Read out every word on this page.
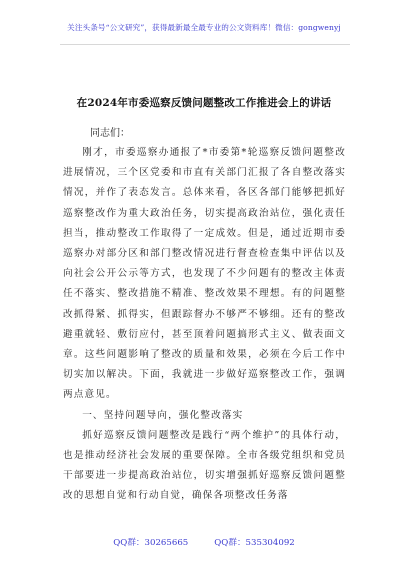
关注头条号“公文研究”，获得最新最全最专业的公文资料库！微信：gongwenyj
在2024年市委巡察反馈问题整改工作推进会上的讲话
同志们：

刚才，市委巡察办通报了*市委第*轮巡察反馈问题整改进展情况，三个区党委和市直有关部门汇报了各自整改落实情况，并作了表态发言。总体来看，各区各部门能够把抓好巡察整改作为重大政治任务，切实提高政治站位，强化责任担当，推动整改工作取得了一定成效。但是，通过近期市委巡察办对部分区和部门整改情况进行督查检查集中评估以及向社会公开公示等方式，也发现了不少问题有的整改主体责任不落实、整改措施不精准、整改效果不理想。有的问题整改抓得紧、抓得实，但跟踪督办不够严不够细。还有的整改避重就轻、敷衍应付，甚至顶着问题搞形式主义、做表面文章。这些问题影响了整改的质量和效果，必须在今后工作中切实加以解决。下面，我就进一步做好巡察整改工作，强调两点意见。

一、坚持问题导向，强化整改落实

抓好巡察反馈问题整改是践行“两个维护”的具体行动，也是推动经济社会发展的重要保障。全市各级党组织和党员干部要进一步提高政治站位，切实增强抓好巡察反馈问题整改的思想自觉和行动自觉，确保各项整改任务落

QQ群：30265665	QQ群：535304092
